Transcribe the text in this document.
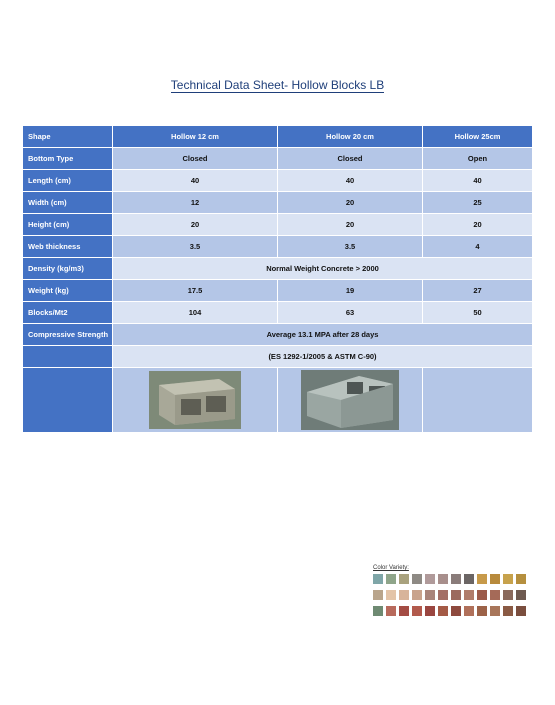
Technical Data Sheet- Hollow Blocks LB
Shape	Hollow 12 cm	Hollow 20 cm	Hollow 25cm
Bottom Type	Closed	Closed	Open
Length (cm)	40	40	40
Width (cm)	12	20	25
Height (cm)	20	20	20
Web thickness	3.5	3.5	4
Density (kg/m3)	Normal Weight Concrete > 2000		
Weight (kg)	17.5	19	27
Blocks/Mt2	104	63	50
Compressive Strength	Average 13.1 MPA after 28 days		
	(ES 1292-1/2005 & ASTM C-90)		

Color Variety:
